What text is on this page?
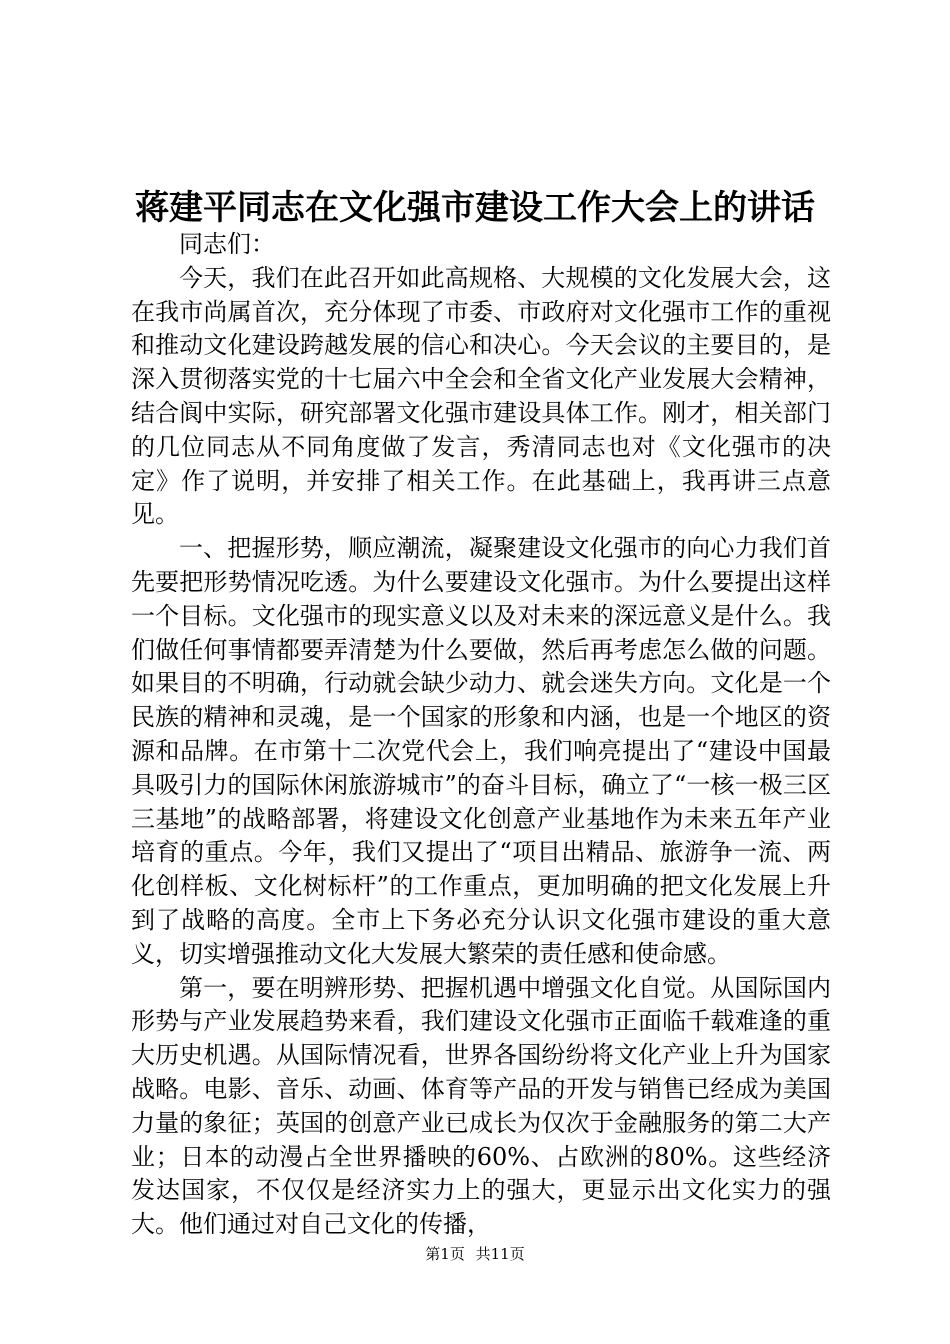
蒋建平同志在文化强市建设工作大会上的讲话

同志们：

今天，我们在此召开如此高规格、大规模的文化发展大会，这在我市尚属首次，充分体现了市委、市政府对文化强市工作的重视和推动文化建设跨越发展的信心和决心。今天会议的主要目的，是深入贯彻落实党的十七届六中全会和全省文化产业发展大会精神，结合阆中实际，研究部署文化强市建设具体工作。刚才，相关部门的几位同志从不同角度做了发言，秀清同志也对《文化强市的决定》作了说明，并安排了相关工作。在此基础上，我再讲三点意见。

一、把握形势，顺应潮流，凝聚建设文化强市的向心力我们首先要把形势情况吃透。为什么要建设文化强市。为什么要提出这样一个目标。文化强市的现实意义以及对未来的深远意义是什么。我们做任何事情都要弄清楚为什么要做，然后再考虑怎么做的问题。如果目的不明确，行动就会缺少动力、就会迷失方向。文化是一个民族的精神和灵魂，是一个国家的形象和内涵，也是一个地区的资源和品牌。在市第十二次党代会上，我们响亮提出了“建设中国最具吸引力的国际休闲旅游城市”的奋斗目标，确立了“一核一极三区三基地”的战略部署，将建设文化创意产业基地作为未来五年产业培育的重点。今年，我们又提出了“项目出精品、旅游争一流、两化创样板、文化树标杆”的工作重点，更加明确的把文化发展上升到了战略的高度。全市上下务必充分认识文化强市建设的重大意义，切实增强推动文化大发展大繁荣的责任感和使命感。

第一，要在明辨形势、把握机遇中增强文化自觉。从国际国内形势与产业发展趋势来看，我们建设文化强市正面临千载难逢的重大历史机遇。从国际情况看，世界各国纷纷将文化产业上升为国家战略。电影、音乐、动画、体育等产品的开发与销售已经成为美国力量的象征；英国的创意产业已成长为仅次于金融服务的第二大产业；日本的动漫占全世界播映的60%、占欧洲的80%。这些经济发达国家，不仅仅是经济实力上的强大，更显示出文化实力的强大。他们通过对自己文化的传播，

第1页 共11页
